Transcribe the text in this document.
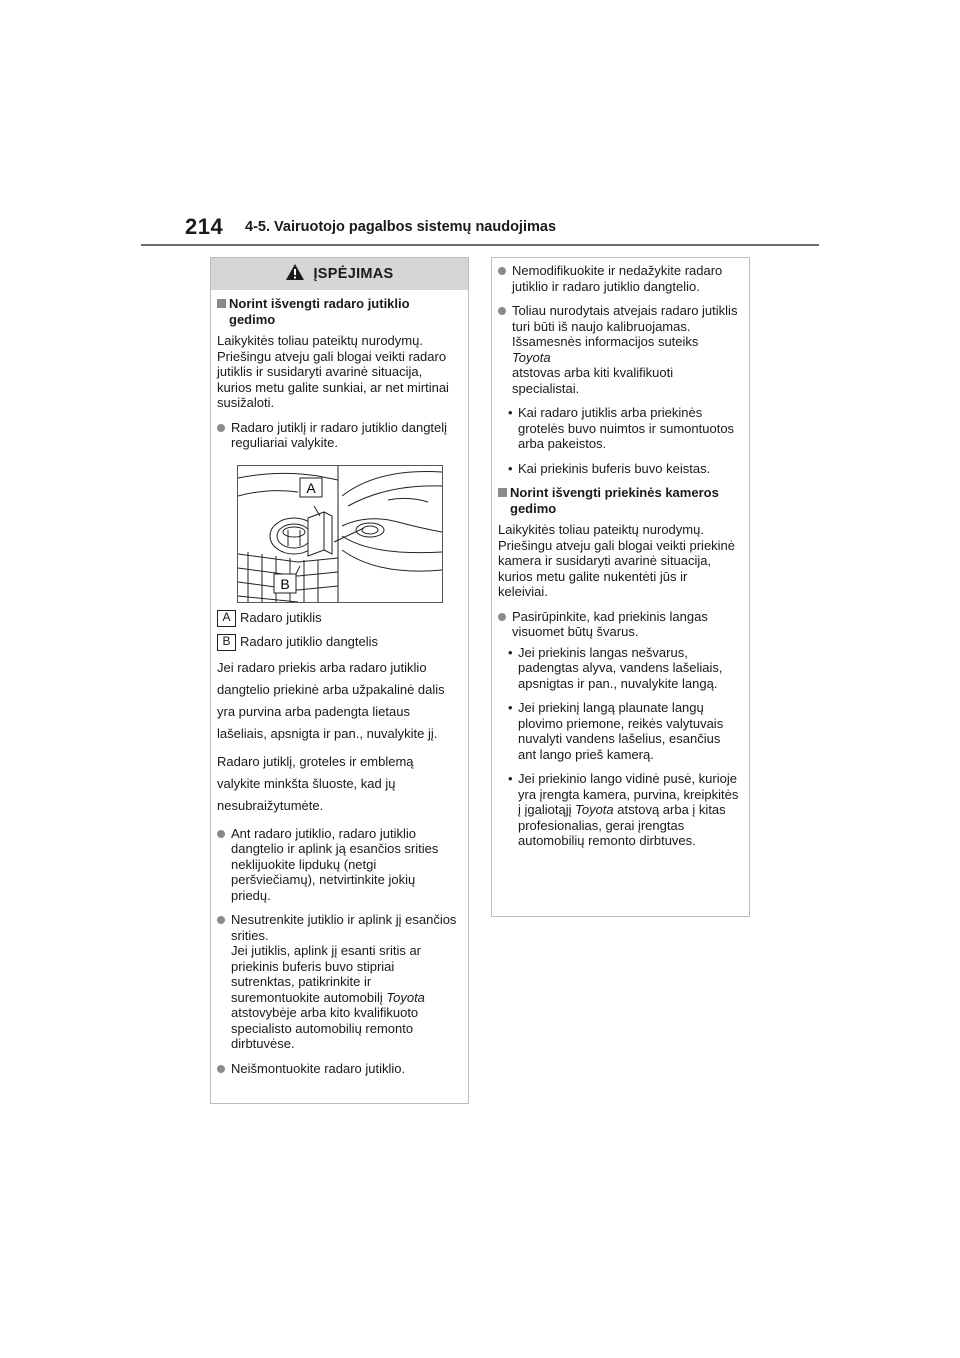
214 4-5. Vairuotojo pagalbos sistemų naudojimas
ĮSPĖJIMAS
Norint išvengti radaro jutiklio gedimo
Laikykitės toliau pateiktų nurodymų. Priešingu atveju gali blogai veikti radaro jutiklis ir susidaryti avarinė situacija, kurios metu galite sunkiai, ar net mirtinai susižaloti.
Radaro jutiklį ir radaro jutiklio dangtelį reguliariai valykite.
A
B
A Radaro jutiklis
B Radaro jutiklio dangtelis
Jei radaro priekis arba radaro jutiklio dangtelio priekinė arba užpakalinė dalis yra purvina arba padengta lietaus lašeliais, apsnigta ir pan., nuvalykite jį.
Radaro jutiklį, groteles ir emblemą valykite minkšta šluoste, kad jų nesubraižytumėte.
Ant radaro jutiklio, radaro jutiklio dangtelio ir aplink ją esančios srities neklijuokite lipdukų (netgi peršviečiamų), netvirtinkite jokių priedų.
Nesutrenkite jutiklio ir aplink jį esančios srities.
Jei jutiklis, aplink jį esanti sritis ar priekinis buferis buvo stipriai sutrenktas, patikrinkite ir suremontuokite automobilį Toyota
atstovybėje arba kito kvalifikuoto specialisto automobilių remonto dirbtuvėse.
Neišmontuokite radaro jutiklio.
Nemodifikuokite ir nedažykite radaro jutiklio ir radaro jutiklio dangtelio.
Toliau nurodytais atvejais radaro jutiklis turi būti iš naujo kalibruojamas. Išsamesnės informacijos suteiks Toyota
atstovas arba kiti kvalifikuoti specialistai.
• Kai radaro jutiklis arba priekinės grotelės buvo nuimtos ir sumontuotos arba pakeistos.
• Kai priekinis buferis buvo keistas.
Norint išvengti priekinės kameros gedimo
Laikykitės toliau pateiktų nurodymų. Priešingu atveju gali blogai veikti priekinė kamera ir susidaryti avarinė situacija, kurios metu galite nukentėti jūs ir keleiviai.
Pasirūpinkite, kad priekinis langas visuomet būtų švarus.
• Jei priekinis langas nešvarus, padengtas alyva, vandens lašeliais, apsnigtas ir pan., nuvalykite langą.
• Jei priekinį langą plaunate langų plovimo priemone, reikės valytuvais nuvalyti vandens lašelius, esančius ant lango prieš kamerą.
• Jei priekinio lango vidinė pusė, kurioje yra įrengta kamera, purvina, kreipkitės į įgaliotąjį Toyota atstovą arba į kitas profesionalias, gerai įrengtas automobilių remonto dirbtuves.
